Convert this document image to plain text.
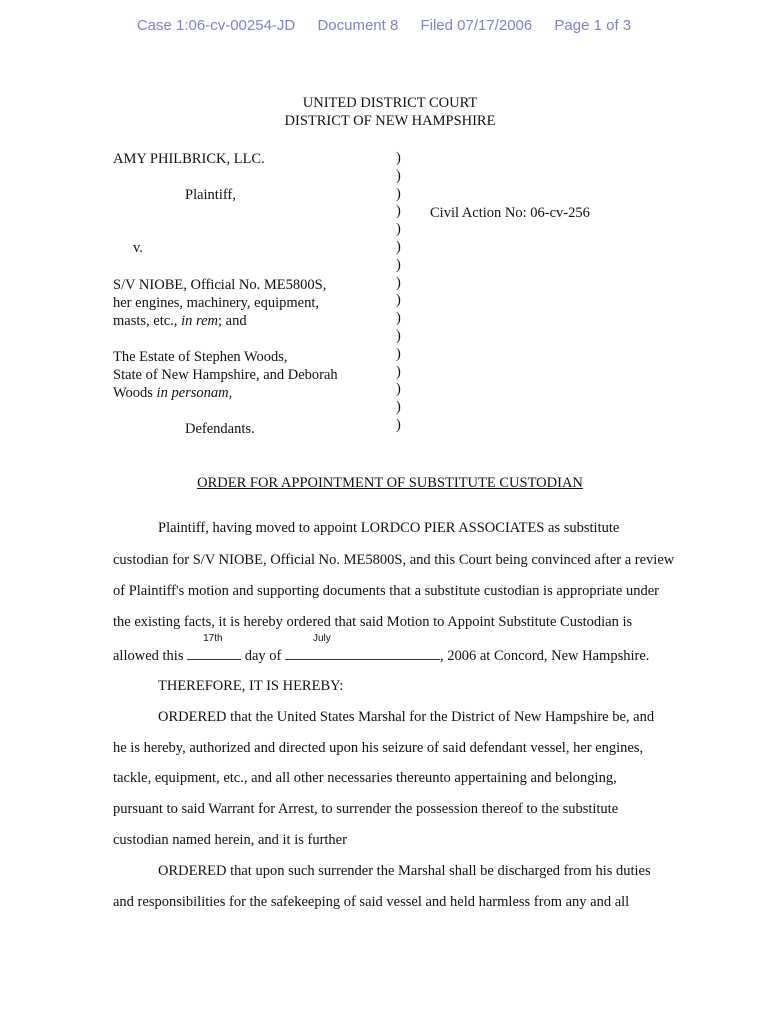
Case 1:06-cv-00254-JD Document 8 Filed 07/17/2006 Page 1 of 3
UNITED DISTRICT COURT
DISTRICT OF NEW HAMPSHIRE
AMY PHILBRICK, LLC.
Plaintiff,
Civil Action No: 06-cv-256
v.
S/V NIOBE, Official No. ME5800S,
her engines, machinery, equipment,
masts, etc., in rem; and
The Estate of Stephen Woods,
State of New Hampshire, and Deborah
Woods in personam,
Defendants.
)
)
)
)
)
)
)
)
)
)
)
)
)
)
)
)
ORDER FOR APPOINTMENT OF SUBSTITUTE CUSTODIAN
Plaintiff, having moved to appoint LORDCO PIER ASSOCIATES as substitute
custodian for S/V NIOBE, Official No. ME5800S, and this Court being convinced after a review
of Plaintiff's motion and supporting documents that a substitute custodian is appropriate under
the existing facts, it is hereby ordered that said Motion to Appoint Substitute Custodian is
allowed this
17th
day of
July
, 2006 at Concord, New Hampshire.
THEREFORE, IT IS HEREBY:
ORDERED that the United States Marshal for the District of New Hampshire be, and
he is hereby, authorized and directed upon his seizure of said defendant vessel, her engines,
tackle, equipment, etc., and all other necessaries thereunto appertaining and belonging,
pursuant to said Warrant for Arrest, to surrender the possession thereof to the substitute
custodian named herein, and it is further
ORDERED that upon such surrender the Marshal shall be discharged from his duties
and responsibilities for the safekeeping of said vessel and held harmless from any and all
